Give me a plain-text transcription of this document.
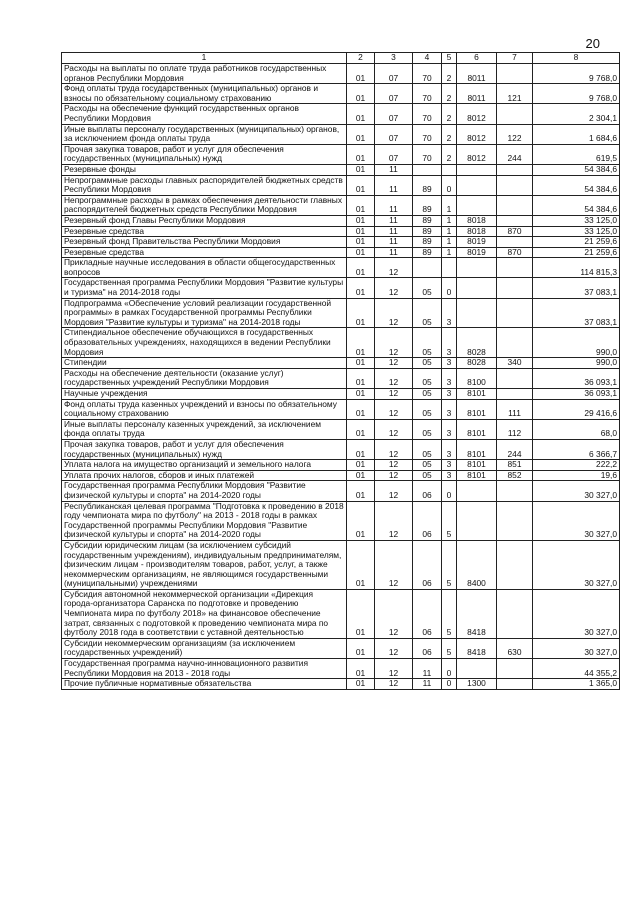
20
1	2	3	4	5	6	7	8
Расходы на выплаты по оплате труда работников государственных органов Республики Мордовия	01	07	70	2	8011		9 768,0
Фонд оплаты труда государственных (муниципальных) органов и взносы по обязательному социальному страхованию	01	07	70	2	8011	121	9 768,0
Расходы на обеспечение функций государственных органов Республики Мордовия	01	07	70	2	8012		2 304,1
Иные выплаты персоналу государственных (муниципальных) органов, за исключением фонда оплаты труда	01	07	70	2	8012	122	1 684,6
Прочая закупка товаров, работ и услуг для обеспечения государственных (муниципальных) нужд	01	07	70	2	8012	244	619,5
Резервные фонды	01	11					54 384,6
Непрограммные расходы главных распорядителей бюджетных средств Республики Мордовия	01	11	89	0			54 384,6
Непрограммные расходы в рамках обеспечения деятельности главных распорядителей бюджетных средств Республики Мордовия	01	11	89	1			54 384,6
Резервный фонд Главы Республики Мордовия	01	11	89	1	8018		33 125,0
Резервные средства	01	11	89	1	8018	870	33 125,0
Резервный фонд Правительства Республики Мордовия	01	11	89	1	8019		21 259,6
Резервные средства	01	11	89	1	8019	870	21 259,6
Прикладные научные исследования в области общегосударственных вопросов	01	12					114 815,3
Государственная программа Республики Мордовия "Развитие культуры и туризма" на 2014-2018 годы	01	12	05	0			37 083,1
Подпрограмма «Обеспечение условий реализации государственной программы» в рамках Государственной программы Республики Мордовия "Развитие культуры и туризма" на 2014-2018 годы	01	12	05	3			37 083,1
Стипендиальное обеспечение обучающихся в государственных образовательных учреждениях, находящихся в ведении Республики Мордовия	01	12	05	3	8028		990,0
Стипендии	01	12	05	3	8028	340	990,0
Расходы на обеспечение деятельности (оказание услуг) государственных учреждений Республики Мордовия	01	12	05	3	8100		36 093,1
Научные учреждения	01	12	05	3	8101		36 093,1
Фонд оплаты труда казенных учреждений и взносы по обязательному социальному страхованию	01	12	05	3	8101	111	29 416,6
Иные выплаты персоналу казенных учреждений, за исключением фонда оплаты труда	01	12	05	3	8101	112	68,0
Прочая закупка товаров, работ и услуг для обеспечения государственных (муниципальных) нужд	01	12	05	3	8101	244	6 366,7
Уплата налога на имущество организаций и земельного налога	01	12	05	3	8101	851	222,2
Уплата прочих налогов, сборов и иных платежей	01	12	05	3	8101	852	19,6
Государственная программа Республики Мордовия "Развитие физической культуры и спорта" на 2014-2020 годы	01	12	06	0			30 327,0
Республиканская целевая программа "Подготовка к проведению в 2018 году чемпионата мира по футболу" на 2013 - 2018 годы в рамках Государственной программы Республики Мордовия "Развитие физической культуры и спорта" на 2014-2020 годы	01	12	06	5			30 327,0
Субсидии юридическим лицам (за исключением субсидий государственным учреждениям), индивидуальным предпринимателям, физическим лицам - производителям товаров, работ, услуг, а также некоммерческим организациям, не являющимся государственными (муниципальными) учреждениями	01	12	06	5	8400		30 327,0
Субсидия автономной некоммерческой организации «Дирекция города-организатора Саранска по подготовке и проведению Чемпионата мира по футболу 2018» на финансовое обеспечение затрат, связанных с подготовкой к проведению чемпионата мира по футболу 2018 года в соответствии с уставной деятельностью	01	12	06	5	8418		30 327,0
Субсидии некоммерческим организациям (за исключением государственных учреждений)	01	12	06	5	8418	630	30 327,0
Государственная программа научно-инновационного развития Республики Мордовия на 2013 - 2018 годы	01	12	11	0			44 355,2
Прочие публичные нормативные обязательства	01	12	11	0	1300		1 365,0
